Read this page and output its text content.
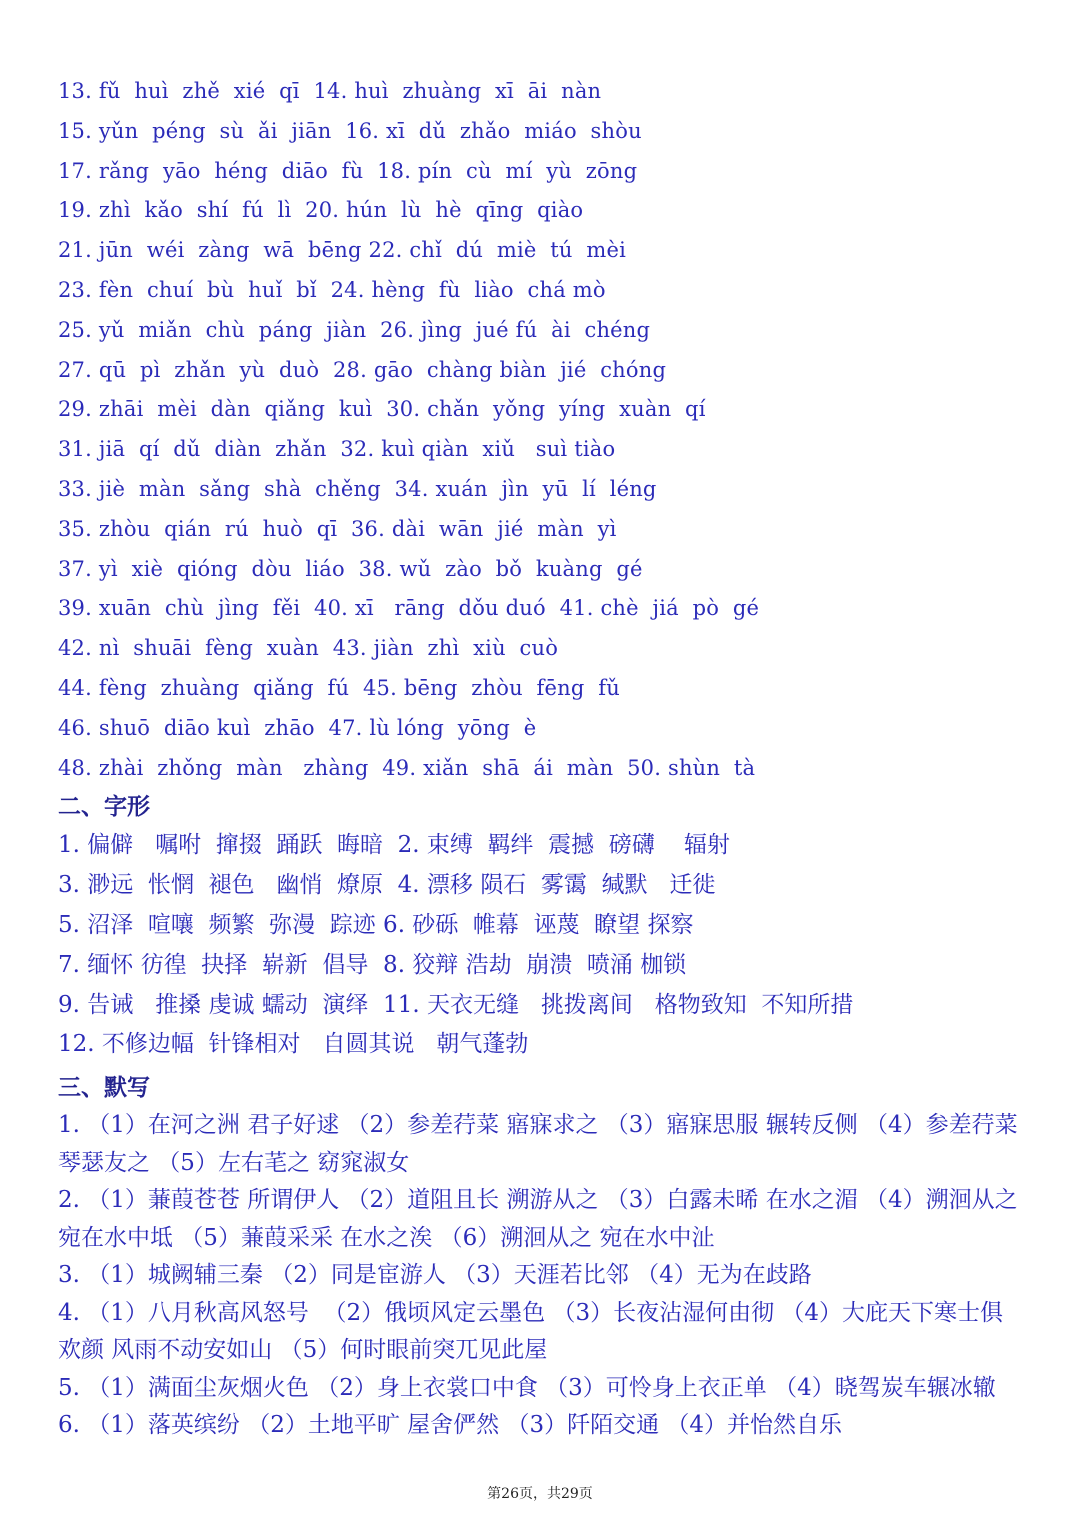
13. fǔ  huì  zhě  xié  qī  14. huì  zhuàng  xī  āi  nàn
15. yǔn  péng  sù  ǎi  jiān  16. xī  dǔ  zhǎo  miáo  shòu
17. rǎng  yāo  héng  diāo  fù  18. pín  cù  mí  yù  zōng
19. zhì  kǎo  shí  fú  lì  20. hún  lù  hè  qīng  qiào
21. jūn  wéi  zàng  wā  bēng 22. chǐ  dú  miè  tú  mèi
23. fèn  chuí  bù  huǐ  bǐ  24. hèng  fù  liào  chá mò
25. yǔ  miǎn  chù  páng  jiàn  26. jìng  jué fú  ài  chéng
27. qū  pì  zhǎn  yù  duò  28. gāo  chàng biàn  jié  chóng
29. zhāi  mèi  dàn  qiǎng  kuì  30. chǎn  yǒng  yíng  xuàn  qí
31. jiā  qí  dǔ  diàn  zhǎn  32. kuì qiàn  xiǔ   suì tiào
33. jiè  màn  sǎng  shà  chěng  34. xuán  jìn  yū  lí  léng
35. zhòu  qián  rú  huò  qī  36. dài  wān  jié  màn  yì
37. yì  xiè  qióng  dòu  liáo  38. wǔ  zào  bǒ  kuàng  gé
39. xuān  chù  jìng  fěi  40. xī   rāng  dǒu duó  41. chè  jiá  pò  gé
42. nì  shuāi  fèng  xuàn  43. jiàn  zhì  xiù  cuò
44. fèng  zhuàng  qiǎng  fú  45. bēng  zhòu  fēng  fǔ
46. shuō  diāo kuì  zhāo  47. lù lóng  yōng  è
48. zhài  zhǒng  màn   zhàng  49. xiǎn  shā  ái  màn  50. shùn  tà
二、字形
1. 偏僻   嘱咐  撺掇  踊跃  晦暗  2. 束缚  羁绊  震撼  磅礴    辐射
3. 渺远  怅惘  褪色   幽悄  燎原  4. 漂移 陨石  雾霭  缄默   迁徙
5. 沼泽  喧嚷  频繁  弥漫  踪迹 6. 砂砾  帷幕  诬蔑  瞭望 探察
7. 缅怀 彷徨  抉择  崭新  倡导  8. 狡辩 浩劫  崩溃  喷涌 枷锁
9. 告诫   推搡 虔诚 蠕动  演绎  11. 天衣无缝   挑拨离间   格物致知  不知所措
12. 不修边幅  针锋相对   自圆其说   朝气蓬勃
三、默写
1. （1）在河之洲 君子好逑 （2）参差荇菜 寤寐求之 （3）寤寐思服 辗转反侧 （4）参差荇菜 琴瑟友之 （5）左右芼之 窈窕淑女
2. （1）蒹葭苍苍 所谓伊人 （2）道阻且长 溯游从之 （3）白露未晞 在水之湄 （4）溯洄从之 宛在水中坻 （5）蒹葭采采 在水之涘 （6）溯洄从之 宛在水中沚
3. （1）城阙辅三秦 （2）同是宦游人 （3）天涯若比邻 （4）无为在歧路
4. （1）八月秋高风怒号  （2）俄顷风定云墨色 （3）长夜沾湿何由彻 （4）大庇天下寒士俱欢颜 风雨不动安如山 （5）何时眼前突兀见此屋
5. （1）满面尘灰烟火色 （2）身上衣裳口中食 （3）可怜身上衣正单 （4）晓驾炭车辗冰辙
6. （1）落英缤纷 （2）土地平旷 屋舍俨然 （3）阡陌交通 （4）并怡然自乐
第26页，共29页
